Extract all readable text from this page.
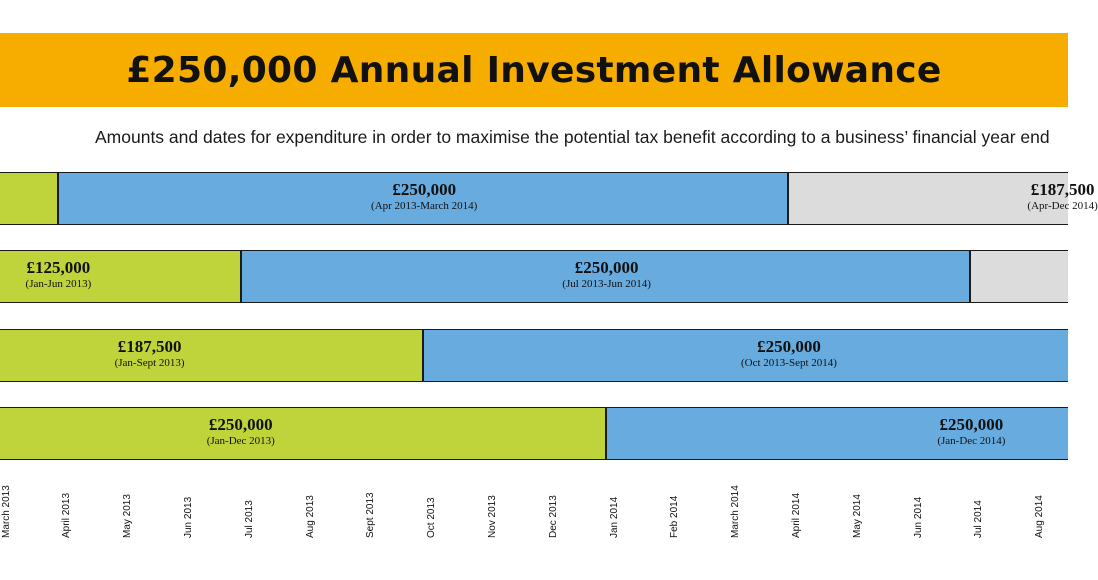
£250,000 Annual Investment Allowance
Amounts and dates for expenditure in order to maximise the potential tax benefit according to a business’ financial year end
£250,000
(Apr 2013-March 2014)
£187,500
(Apr-Dec 2014)
£125,000
(Jan-Jun 2013)
£250,000
(Jul 2013-Jun 2014)
£187,500
(Jan-Sept 2013)
£250,000
(Oct 2013-Sept 2014)
£250,000
(Jan-Dec 2013)
£250,000
(Jan-Dec 2014)
March 2013	April 2013	May 2013	Jun 2013	Jul 2013	Aug 2013	Sept 2013	Oct 2013	Nov 2013	Dec 2013	Jan 2014	Feb 2014	March 2014	April 2014	May 2014	Jun 2014	Jul 2014	Aug 2014
